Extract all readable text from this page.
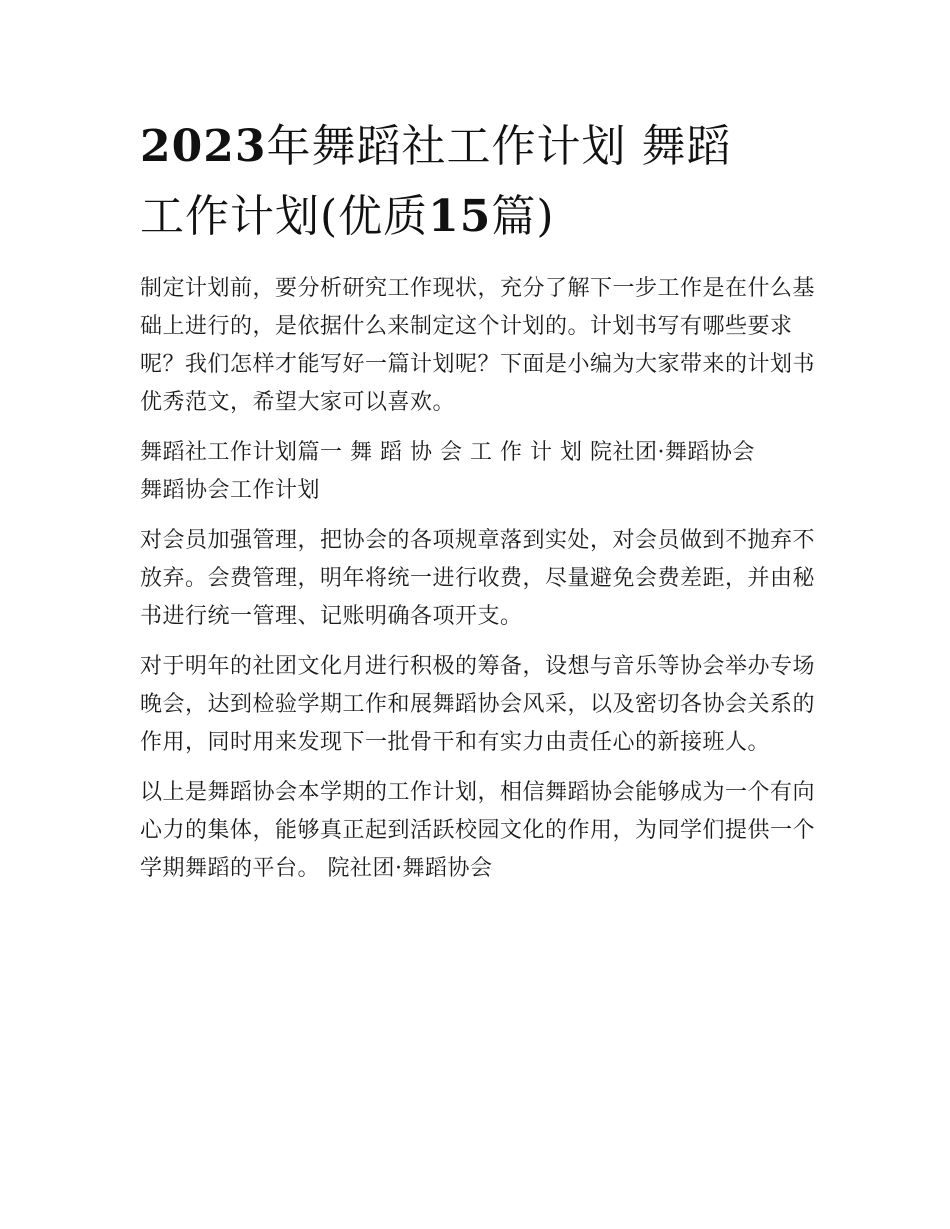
2023年舞蹈社工作计划 舞蹈
工作计划(优质15篇)

制定计划前，要分析研究工作现状，充分了解下一步工作是在什么基础上进行的，是依据什么来制定这个计划的。计划书写有哪些要求呢？我们怎样才能写好一篇计划呢？下面是小编为大家带来的计划书优秀范文，希望大家可以喜欢。

舞蹈社工作计划篇一 舞 蹈 协 会 工 作 计 划 院社团·舞蹈协会

舞蹈协会工作计划

对会员加强管理，把协会的各项规章落到实处，对会员做到不抛弃不放弃。会费管理，明年将统一进行收费，尽量避免会费差距，并由秘书进行统一管理、记账明确各项开支。

对于明年的社团文化月进行积极的筹备，设想与音乐等协会举办专场晚会，达到检验学期工作和展舞蹈协会风采，以及密切各协会关系的作用，同时用来发现下一批骨干和有实力由责任心的新接班人。

以上是舞蹈协会本学期的工作计划，相信舞蹈协会能够成为一个有向心力的集体，能够真正起到活跃校园文化的作用，为同学们提供一个学期舞蹈的平台。 院社团·舞蹈协会
